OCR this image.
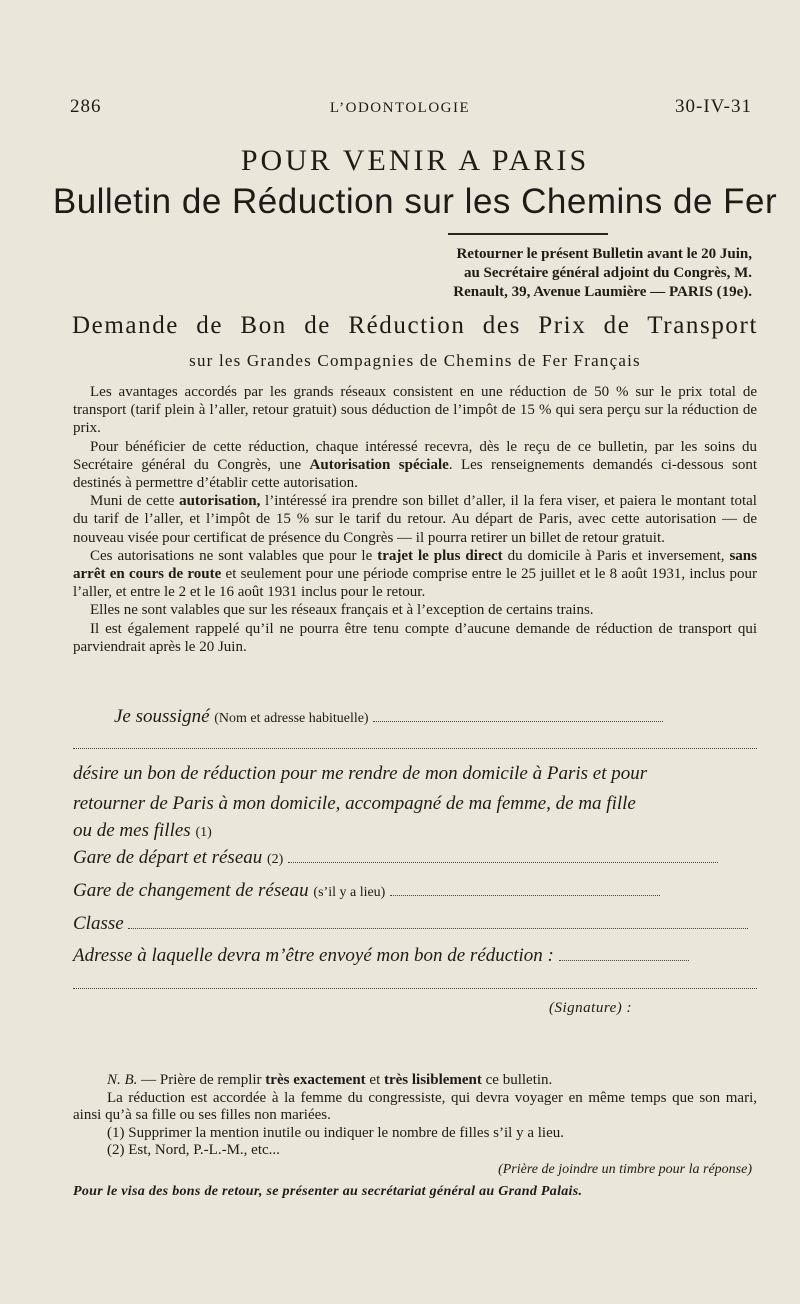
286	L’ODONTOLOGIE	30-IV-31
POUR VENIR A PARIS
Bulletin de Réduction sur les Chemins de Fer
Retourner le présent Bulletin avant le 20 Juin,
au Secrétaire général adjoint du Congrès, M.
Renault, 39, Avenue Laumière — PARIS (19e).
Demande de Bon de Réduction des Prix de Transport
sur les Grandes Compagnies de Chemins de Fer Français

Les avantages accordés par les grands réseaux consistent en une réduction de 50 % sur le prix total de transport (tarif plein à l’aller, retour gratuit) sous déduction de l’impôt de 15 % qui sera perçu sur la réduction de prix.

Pour bénéficier de cette réduction, chaque intéressé recevra, dès le reçu de ce bulletin, par les soins du Secrétaire général du Congrès, une Autorisation spéciale. Les renseignements demandés ci-dessous sont destinés à permettre d’établir cette autorisation.

Muni de cette autorisation, l’intéressé ira prendre son billet d’aller, il la fera viser, et paiera le montant total du tarif de l’aller, et l’impôt de 15 % sur le tarif du retour. Au départ de Paris, avec cette autorisation — de nouveau visée pour certificat de présence du Congrès — il pourra retirer un billet de retour gratuit.

Ces autorisations ne sont valables que pour le trajet le plus direct du domicile à Paris et inversement, sans arrêt en cours de route et seulement pour une période comprise entre le 25 juillet et le 8 août 1931, inclus pour l’aller, et entre le 2 et le 16 août 1931 inclus pour le retour.

Elles ne sont valables que sur les réseaux français et à l’exception de certains trains.

Il est également rappelé qu’il ne pourra être tenu compte d’aucune demande de réduction de transport qui parviendrait après le 20 Juin.

Je soussigné (Nom et adresse habituelle)
désire un bon de réduction pour me rendre de mon domicile à Paris et pour
retourner de Paris à mon domicile, accompagné de ma femme, de ma fille
ou de mes filles (1)
Gare de départ et réseau (2)
Gare de changement de réseau (s’il y a lieu)
Classe
Adresse à laquelle devra m’être envoyé mon bon de réduction :
(Signature) :

N. B. — Prière de remplir très exactement et très lisiblement ce bulletin.

La réduction est accordée à la femme du congressiste, qui devra voyager en même temps que son mari, ainsi qu’à sa fille ou ses filles non mariées.

(1) Supprimer la mention inutile ou indiquer le nombre de filles s’il y a lieu.

(2) Est, Nord, P.-L.-M., etc...

(Prière de joindre un timbre pour la réponse)
Pour le visa des bons de retour, se présenter au secrétariat général au Grand Palais.
